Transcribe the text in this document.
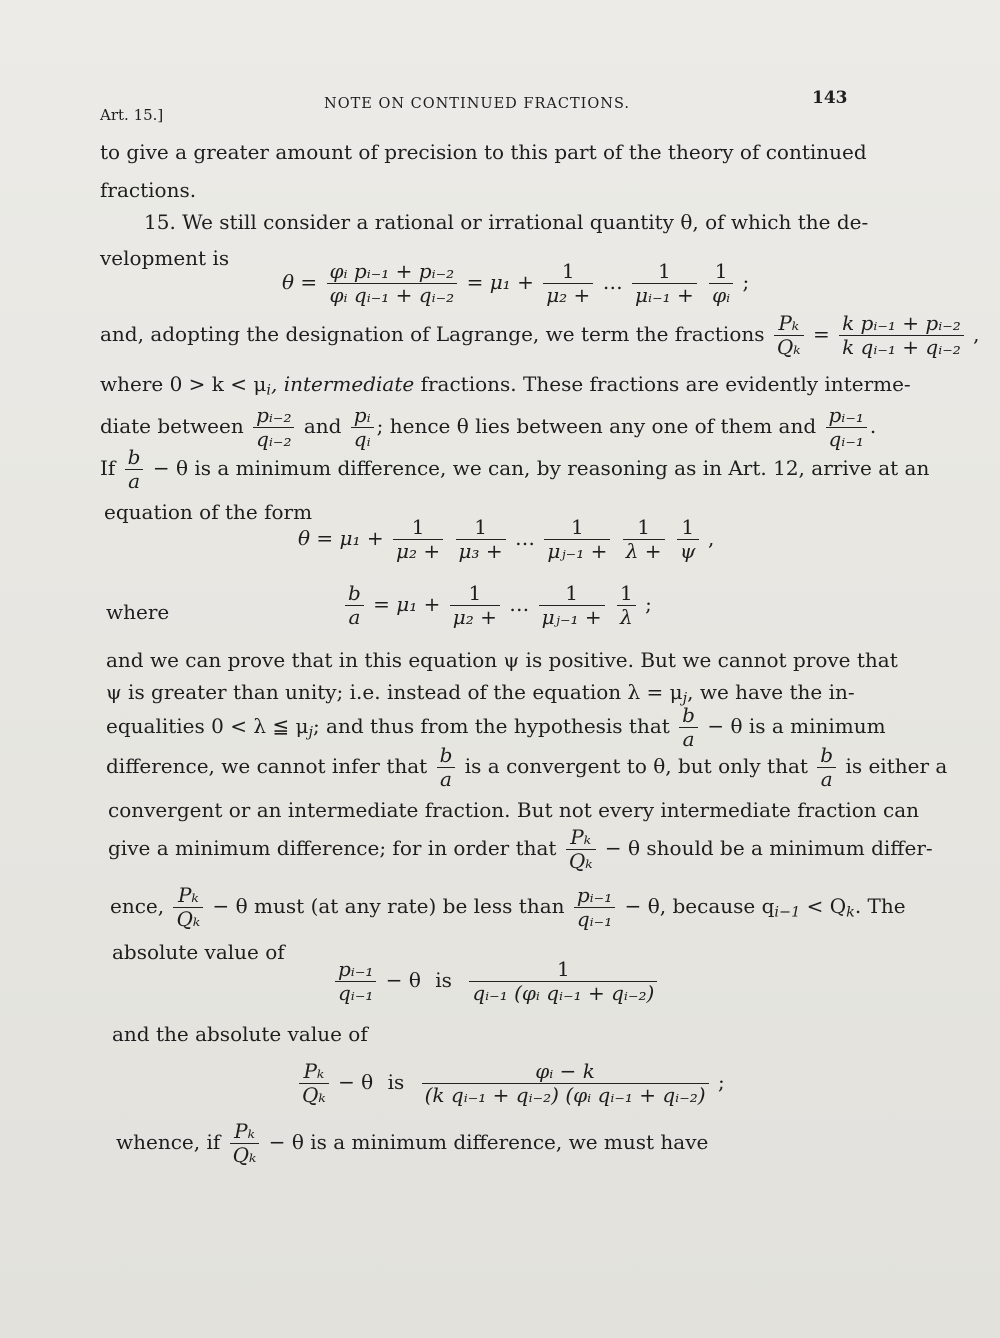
Art. 15.]
NOTE ON CONTINUED FRACTIONS.	143
to give a greater amount of precision to this part of the theory of continued
fractions.
15. We still consider a rational or irrational quantity θ, of which the de-
velopment is
$\theta = \frac{\text{φᵢ pᵢ₋₁ + pᵢ₋₂}}{\text{φᵢ qᵢ₋₁ + qᵢ₋₂}} = \mu_1 + \frac{1}{\text{μ₂ +}}$ … $\frac{1}{\text{μᵢ₋₁ +}}$
$\frac{1}{\text{φᵢ}}$ ;
and, adopting the designation of Lagrange, we term the fractions $\frac{\text{Pₖ}}{\text{Qₖ}} = \frac{\text{k pᵢ₋₁ + pᵢ₋₂}}{\text{k qᵢ₋₁ + qᵢ₋₂}}$ ,
where 0 > k < μi, intermediate fractions. These fractions are evidently interme-
diate between $\frac{\text{pᵢ₋₂}}{\text{qᵢ₋₂}}$ and $\frac{\text{pᵢ}}{\text{qᵢ}}$ ; hence θ lies between any one of them and $\frac{\text{pᵢ₋₁}}{\text{qᵢ₋₁}}$ .
If $\frac{b}{a} - \theta$ is a minimum difference, we can, by reasoning as in Art. 12, arrive at an
equation of the form
$\theta = \mu_1 + \frac{1}{\text{μ₂ +}}$
$\frac{1}{\text{μ₃ +}}$ … $\frac{1}{\text{μⱼ₋₁ +}}$
$\frac{1}{\lambda +}$
$\frac{1}{\psi}$ ,
where	$\frac{b}{a} = \mu_1 + \frac{1}{\text{μ₂ +}}$ … $\frac{1}{\text{μⱼ₋₁ +}}$
$\frac{1}{\lambda}$ ;
and we can prove that in this equation ψ is positive. But we cannot prove that
ψ is greater than unity; i.e. instead of the equation λ = μj, we have the in-
equalities 0 < λ ≦ μj; and thus from the hypothesis that $\frac{b}{a} - \theta$ is a minimum
difference, we cannot infer that $\frac{b}{a}$ is a convergent to θ, but only that $\frac{b}{a}$ is either a
convergent or an intermediate fraction. But not every intermediate fraction can
give a minimum difference; for in order that $\frac{\text{Pₖ}}{\text{Qₖ}} - \theta$ should be a minimum differ-
ence, $\frac{\text{Pₖ}}{\text{Qₖ}} - \theta$ must (at any rate) be less than $\frac{\text{pᵢ₋₁}}{\text{qᵢ₋₁}} - \theta$, because qi−1 < Qk. The
absolute value of
$\frac{\text{pᵢ₋₁}}{\text{qᵢ₋₁}} - \theta$ is $\frac{1}{\text{qᵢ₋₁ (φᵢ qᵢ₋₁ + qᵢ₋₂)}}$
and the absolute value of
$\frac{\text{Pₖ}}{\text{Qₖ}} - \theta$ is $\frac{\text{φᵢ − k}}{\text{(k qᵢ₋₁ + qᵢ₋₂) (φᵢ qᵢ₋₁ + qᵢ₋₂)}}$ ;
whence, if $\frac{\text{Pₖ}}{\text{Qₖ}} - \theta$ is a minimum difference, we must have
